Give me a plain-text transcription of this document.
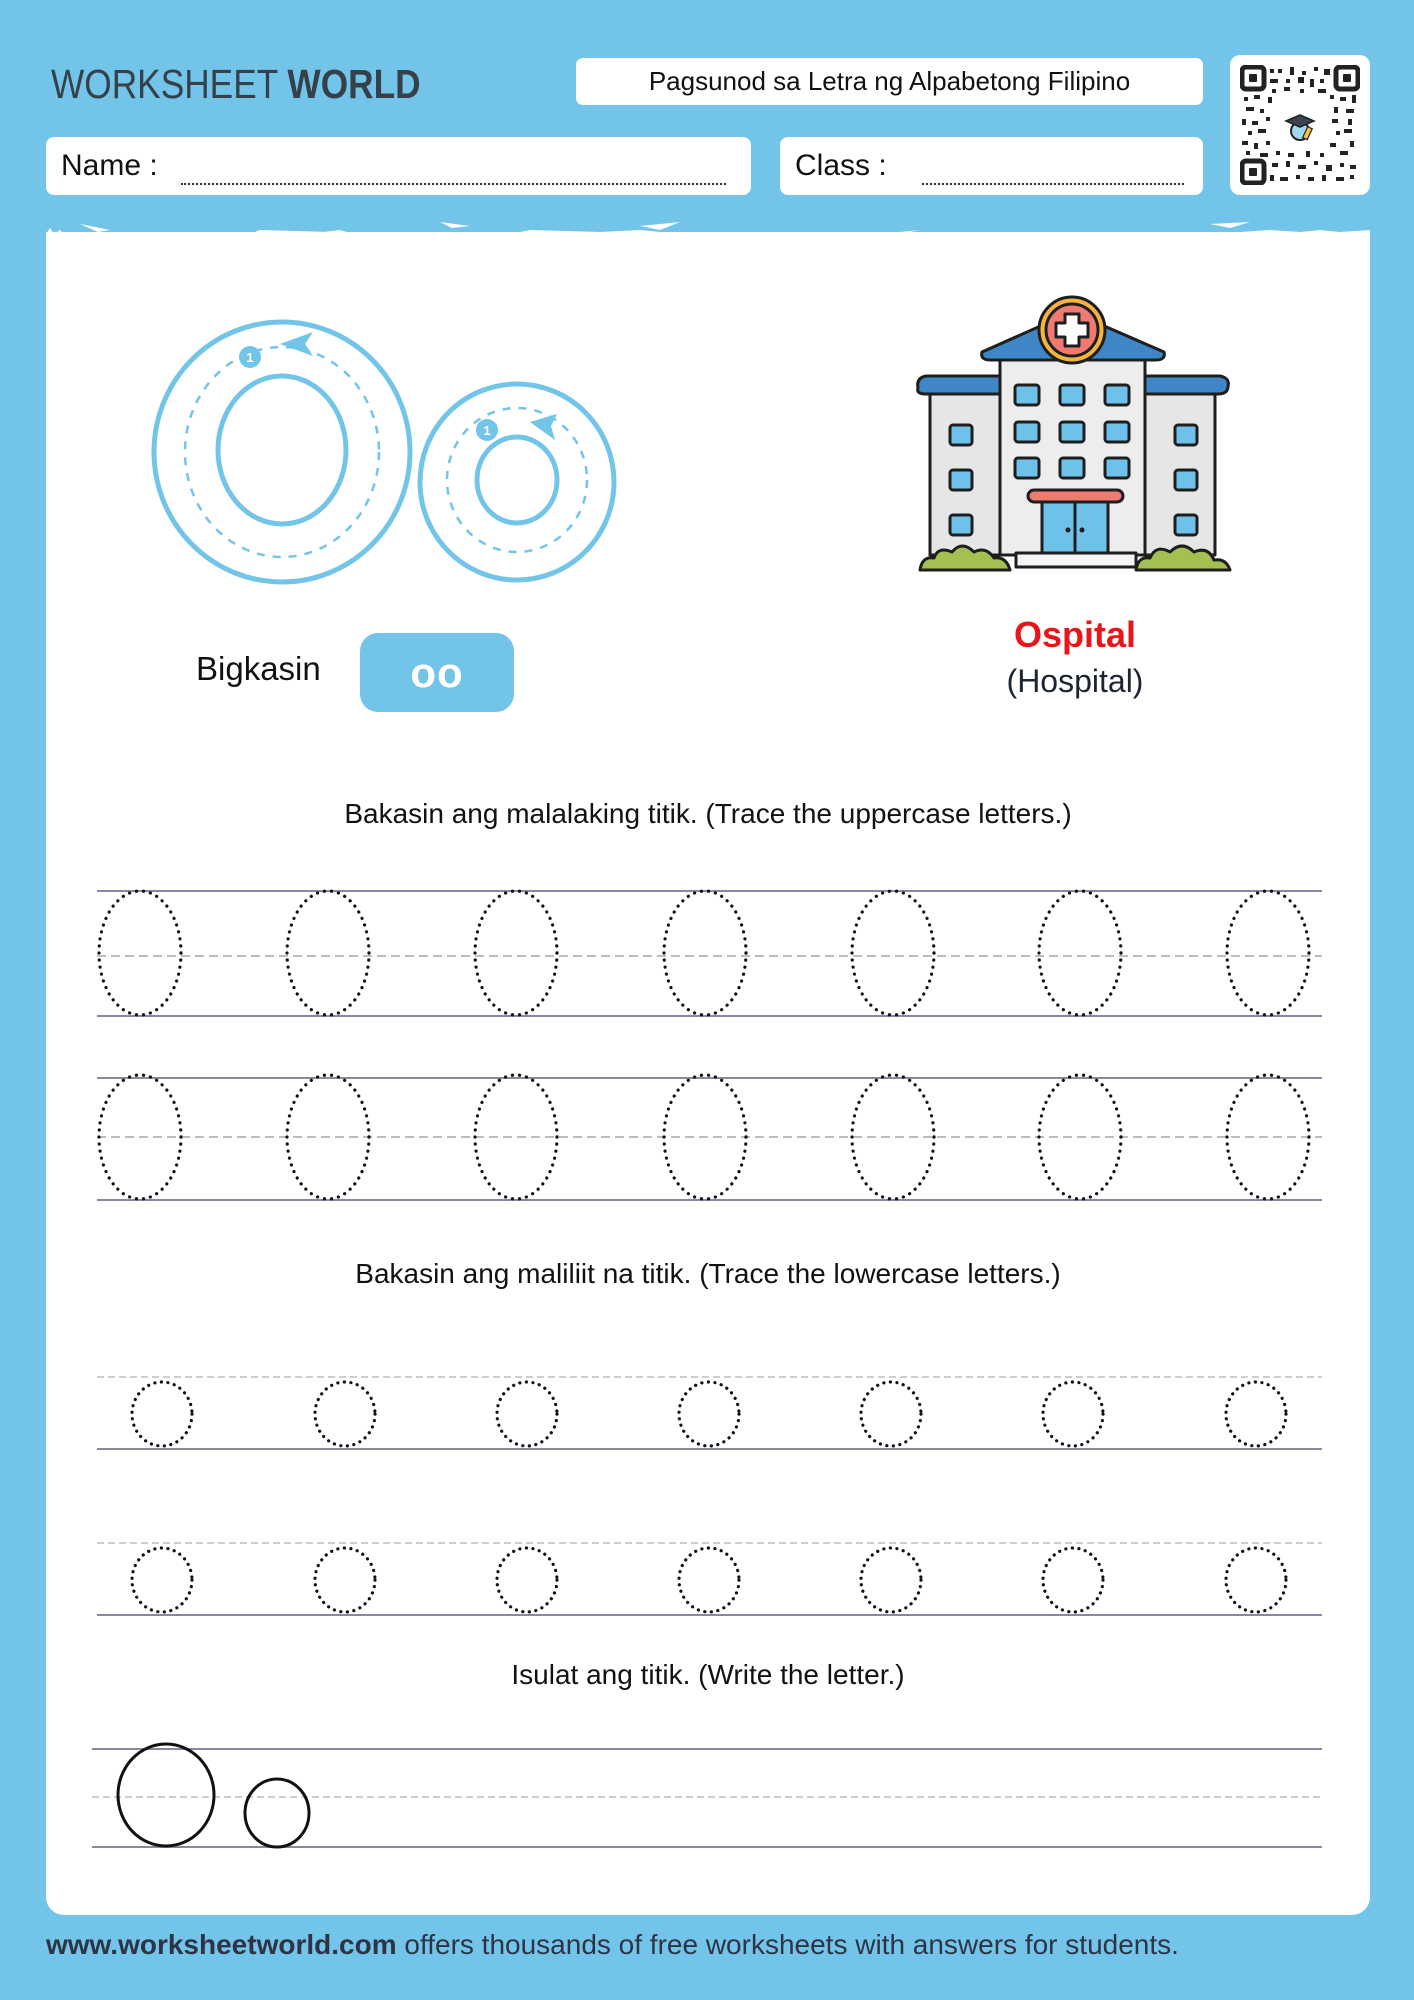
WORKSHEET WORLD	Pagsunod sa Letra ng Alpabetong Filipino
Name :	Class :
1
1
Bigkasin oo
Ospital
(Hospital)
Bakasin ang malalaking titik. (Trace the uppercase letters.)
Bakasin ang maliliit na titik. (Trace the lowercase letters.)
Isulat ang titik. (Write the letter.)
www.worksheetworld.com offers thousands of free worksheets with answers for students.
